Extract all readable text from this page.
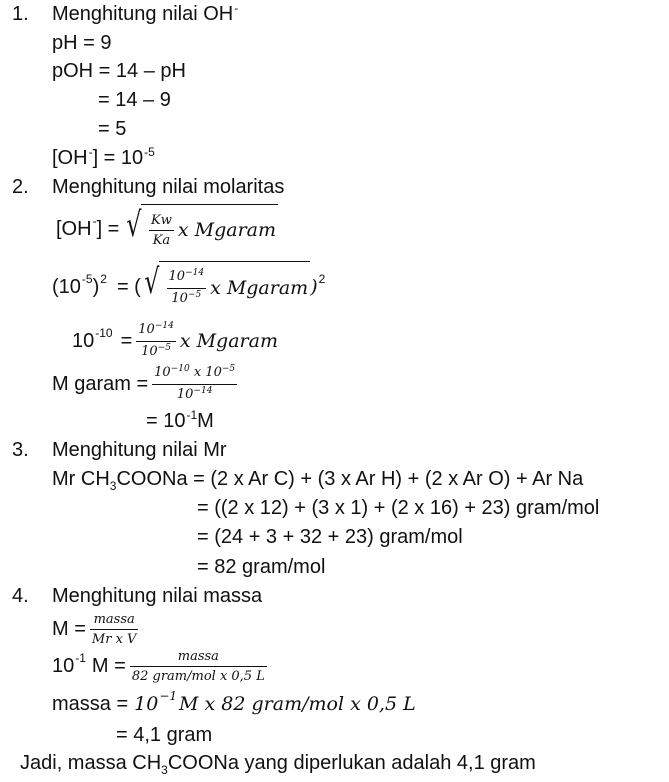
1. Menghitung nilai OH-
pH = 9
pOH = 14 – pH
= 14 – 9
= 5
$[OH^-] = 10^{-5}$
2. Menghitung nilai molaritas
[OH - ] = √ $\frac{Kw}{Ka}$ x Mgaram
(10 -5 ) 2 = ( √ $\frac{10^{-14}}{10^{-5}}$ x Mgaram ) 2
10 $-10 = \frac{10^{-14}}{10^{-5}}$ x Mgaram
M garam = $\frac{10^{-10} x 10^{-5}}{10^{-14}}$
= $10^{-1}M$
3. Menghitung nilai Mr
Mr $CH_3COONa = (2$ x Ar C) + (3 x Ar H) + (2 x Ar O) + Ar Na
= ((2 x 12) + (3 x 1) + (2 x 16) + 23) gram/mol
= (24 + 3 + 32 + 23) gram/mol
= 82 gram/mol
4. Menghitung nilai massa
$M = \frac{\text{massa}}{\text{Mr x V}}$
10 -1 $M = \frac{\text{massa}}{\text{82 gram/mol x 0,5 L}}$
massa = 10 −1 M x 82 gram/mol x 0,5 L
= 4,1 gram
Jadi, massa $CH_3COONa$ yang diperlukan adalah 4,1 gram
